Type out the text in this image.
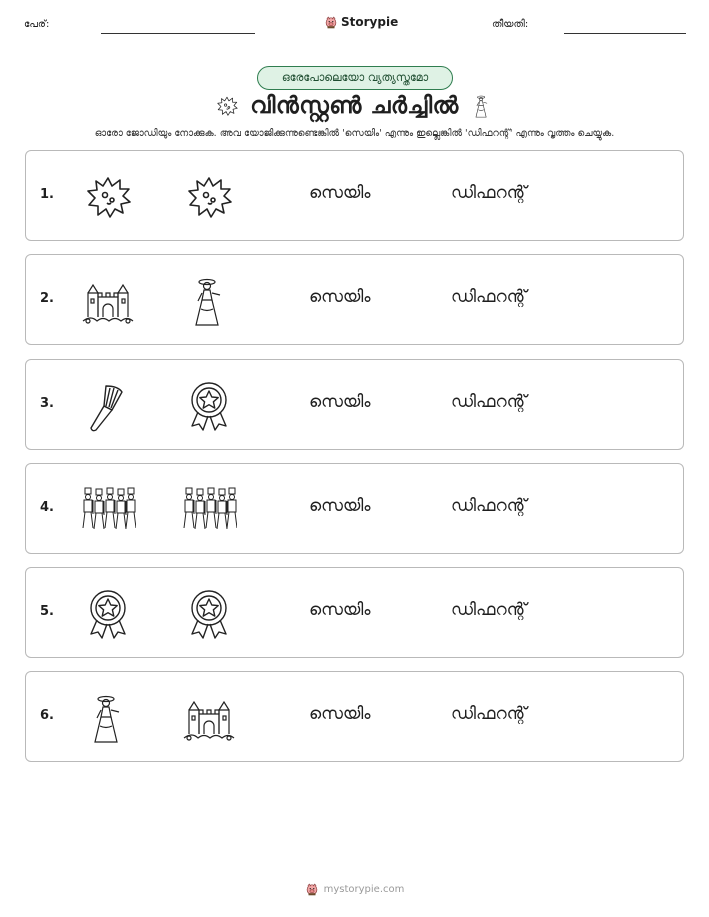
പേര്:	Storypie	തീയതി:
ഒരേപോലെയോ വ്യത്യസ്തമോ
വിൻസ്റ്റൺ ചർച്ചിൽ
ഓരോ ജോഡിയും നോക്കുക. അവ യോജിക്കുന്നുണ്ടെങ്കിൽ 'സെയിം' എന്നും ഇല്ലെങ്കിൽ 'ഡിഫറന്റ്' എന്നും വൃത്തം ചെയ്യുക.
1.	സെയിം	ഡിഫറന്റ്
2.	സെയിം	ഡിഫറന്റ്
3.	സെയിം	ഡിഫറന്റ്
4.	സെയിം	ഡിഫറന്റ്
5.	സെയിം	ഡിഫറന്റ്
6.	സെയിം	ഡിഫറന്റ്
mystorypie.com
